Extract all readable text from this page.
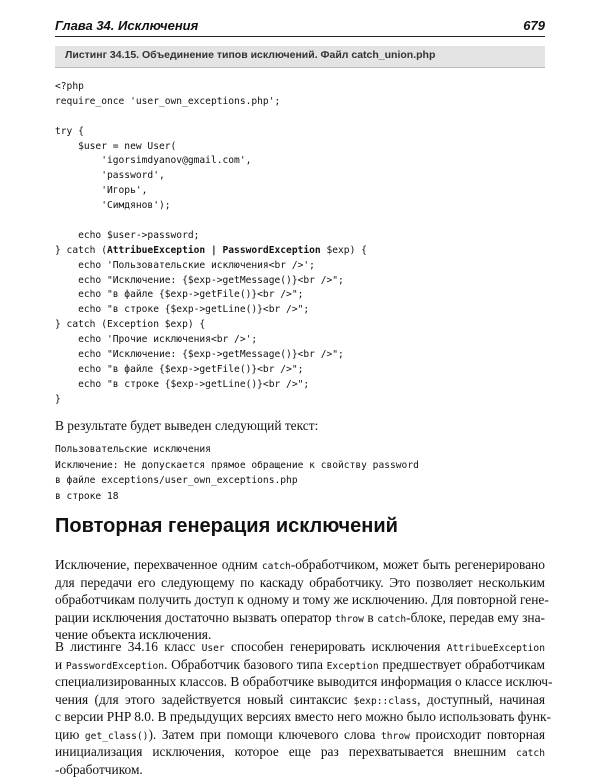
Глава 34. Исключения	679
Листинг 34.15. Объединение типов исключений. Файл catch_union.php
<?php
require_once 'user_own_exceptions.php';
try {
$user = new User(
'igorsimdyanov@gmail.com',
'password',
'Игорь',
'Симдянов');
echo $user->password;
} catch (AttribueException | PasswordException $exp) {
echo 'Пользовательские исключения<br />';
echo "Исключение: {$exp->getMessage()}<br />";
echo "в файле {$exp->getFile()}<br />";
echo "в строке {$exp->getLine()}<br />";
} catch (Exception $exp) {
echo 'Прочие исключения<br />';
echo "Исключение: {$exp->getMessage()}<br />";
echo "в файле {$exp->getFile()}<br />";
echo "в строке {$exp->getLine()}<br />";
}
В результате будет выведен следующий текст:
Пользовательские исключения
Исключение: Не допускается прямое обращение к свойству password
в файле exceptions/user_own_exceptions.php
в строке 18
Повторная генерация исключений
Исключение, перехваченное одним catch-обработчиком, может быть регенерировано
для передачи его следующему по каскаду обработчику. Это позволяет нескольким
обработчикам получить доступ к одному и тому же исключению. Для повторной гене-
рации исключения достаточно вызвать оператор throw в catch-блоке, передав ему зна-
чение объекта исключения.
В листинге 34.16 класс User способен генерировать исключения AttribueException
и PasswordException. Обработчик базового типа Exception предшествует обработчикам
специализированных классов. В обработчике выводится информация о классе исключ-
чения (для этого задействуется новый синтаксис $exp::class, доступный, начиная
с версии PHP 8.0. В предыдущих версиях вместо него можно было использовать функ-
цию get_class()). Затем при помощи ключевого слова throw происходит повторная
инициализация исключения, которое еще раз перехватывается внешним catch
-обработчиком.
